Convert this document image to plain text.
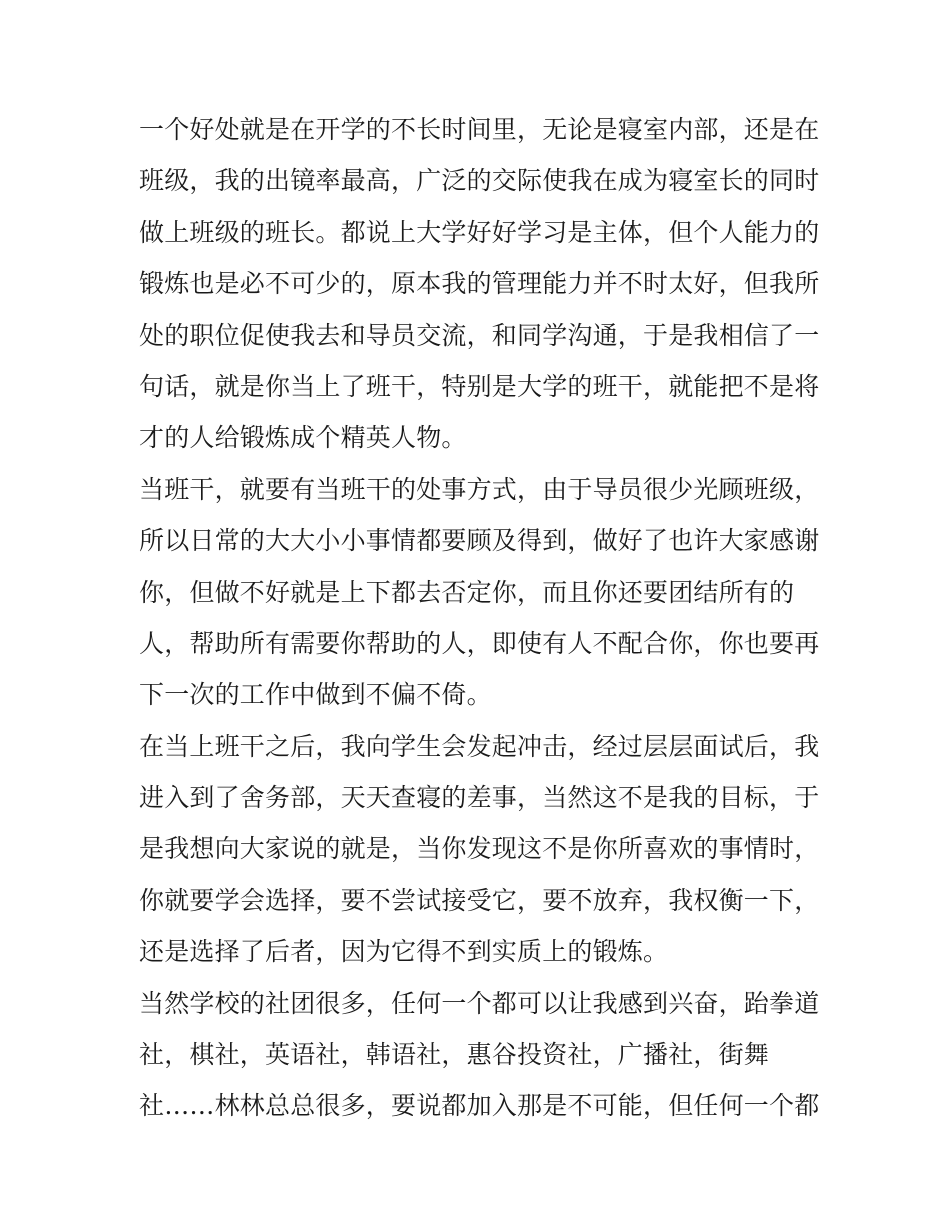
一个好处就是在开学的不长时间里，无论是寝室内部，还是在
班级，我的出镜率最高，广泛的交际使我在成为寝室长的同时
做上班级的班长。都说上大学好好学习是主体，但个人能力的
锻炼也是必不可少的，原本我的管理能力并不时太好，但我所
处的职位促使我去和导员交流，和同学沟通，于是我相信了一
句话，就是你当上了班干，特别是大学的班干，就能把不是将
才的人给锻炼成个精英人物。
当班干，就要有当班干的处事方式，由于导员很少光顾班级，
所以日常的大大小小事情都要顾及得到，做好了也许大家感谢
你，但做不好就是上下都去否定你，而且你还要团结所有的
人，帮助所有需要你帮助的人，即使有人不配合你，你也要再
下一次的工作中做到不偏不倚。
在当上班干之后，我向学生会发起冲击，经过层层面试后，我
进入到了舍务部，天天查寝的差事，当然这不是我的目标，于
是我想向大家说的就是，当你发现这不是你所喜欢的事情时，
你就要学会选择，要不尝试接受它，要不放弃，我权衡一下，
还是选择了后者，因为它得不到实质上的锻炼。
当然学校的社团很多，任何一个都可以让我感到兴奋，跆拳道
社，棋社，英语社，韩语社，惠谷投资社，广播社，街舞
社……林林总总很多，要说都加入那是不可能，但任何一个都
